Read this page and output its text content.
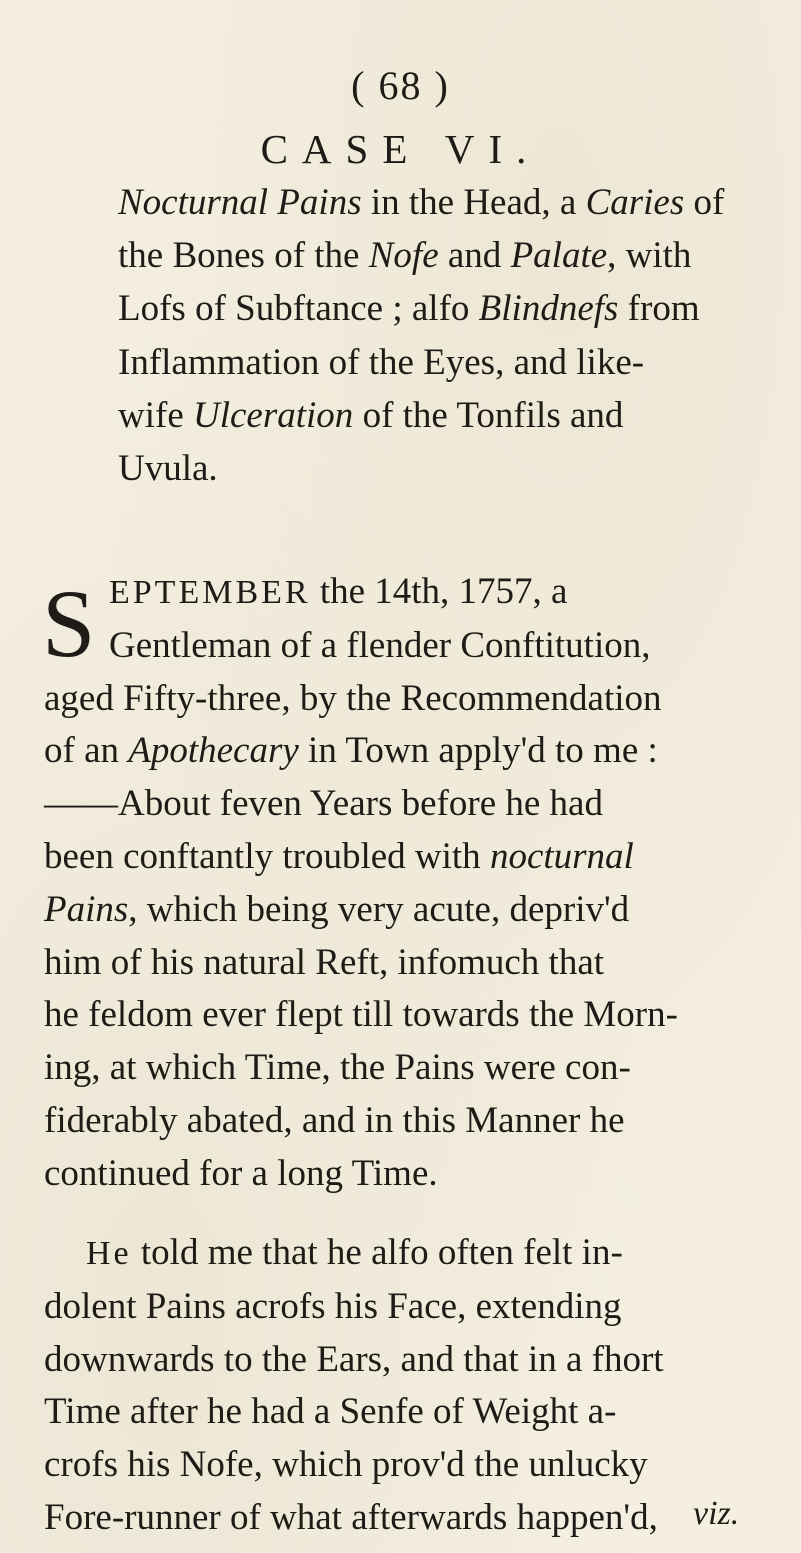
( 68 )
CASE VI.
Nocturnal Pains in the Head, a Caries of
the Bones of the Nofe and Palate, with
Lofs of Subftance ; alfo Blindnefs from
Inflammation of the Eyes, and like-
wife Ulceration of the Tonfils and
Uvula.
S EPTEMBER the 14th, 1757, a
Gentleman of a flender Conftitution,
aged Fifty-three, by the Recommendation
of an Apothecary in Town apply'd to me :
——About feven Years before he had
been conftantly troubled with nocturnal
Pains, which being very acute, depriv'd
him of his natural Reft, infomuch that
he feldom ever flept till towards the Morn-
ing, at which Time, the Pains were con-
fiderably abated, and in this Manner he
continued for a long Time.
He told me that he alfo often felt in-
dolent Pains acrofs his Face, extending
downwards to the Ears, and that in a fhort
Time after he had a Senfe of Weight a-
crofs his Nofe, which prov'd the unlucky
Fore-runner of what afterwards happen'd,	viz.
